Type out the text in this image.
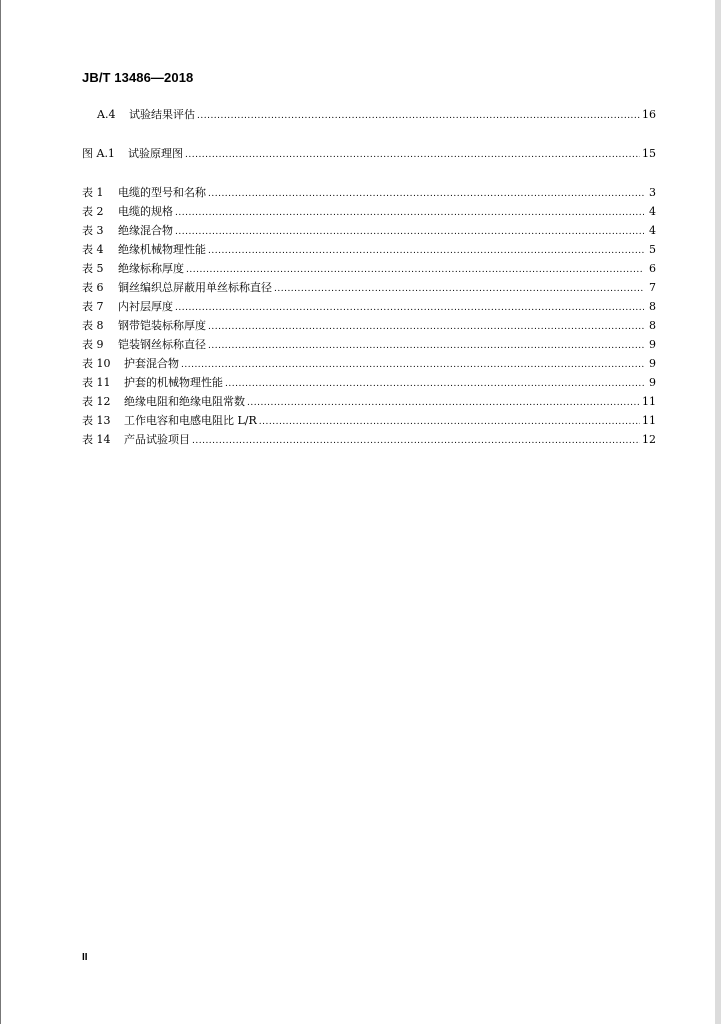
JB/T 13486—2018
A.4	试验结果评估 .....	16
图 A.1	试验原理图 .....	15
表 1	电缆的型号和名称 .....	3
表 2	电缆的规格 .....	4
表 3	绝缘混合物 .....	4
表 4	绝缘机械物理性能 .....	5
表 5	绝缘标称厚度 .....	6
表 6	铜丝编织总屏蔽用单丝标称直径 .....	7
表 7	内衬层厚度 .....	8
表 8	钢带铠装标称厚度 .....	8
表 9	铠装钢丝标称直径 .....	9
表 10	护套混合物 .....	9
表 11	护套的机械物理性能 .....	9
表 12	绝缘电阻和绝缘电阻常数 .....	11
表 13	工作电容和电感电阻比 L/R .....	11
表 14	产品试验项目 .....	12
II
